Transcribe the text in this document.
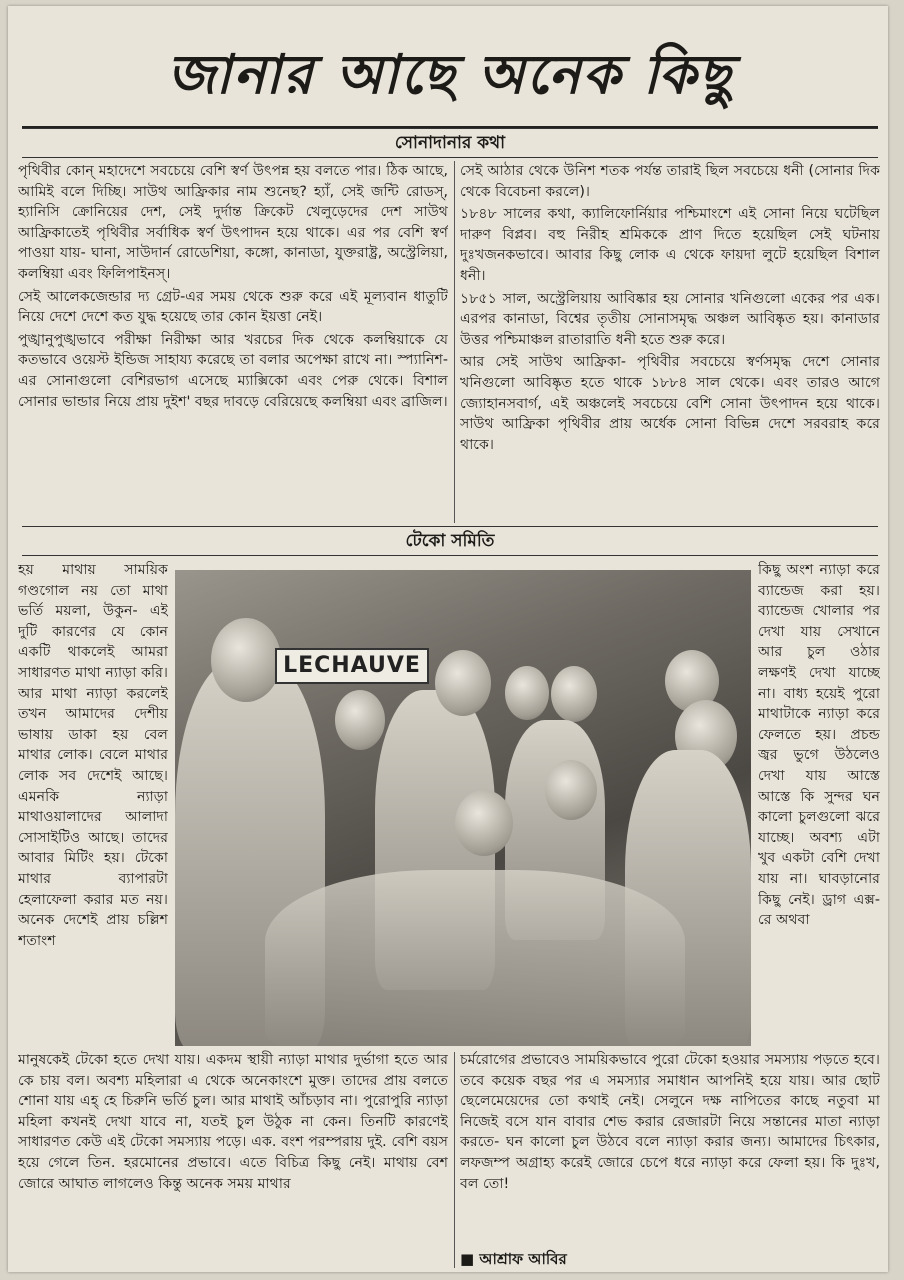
জানার আছে অনেক কিছু
সোনাদানার কথা

পৃথিবীর কোন্ মহাদেশে সবচেয়ে বেশি স্বর্ণ উৎপন্ন হয় বলতে পার। ঠিক আছে, আমিই বলে দিচ্ছি। সাউথ আফ্রিকার নাম শুনেছ? হ্যাঁ, সেই জন্টি রোডস্, হ্যানিসি ক্রোনিয়ের দেশ, সেই দুর্দান্ত ক্রিকেট খেলুড়েদের দেশ সাউথ আফ্রিকাতেই পৃথিবীর সর্বাধিক স্বর্ণ উৎপাদন হয়ে থাকে। এর পর বেশি স্বর্ণ পাওয়া যায়- ঘানা, সাউদার্ন রোডেশিয়া, কঙ্গো, কানাডা, যুক্তরাষ্ট্র, অস্ট্রেলিয়া, কলম্বিয়া এবং ফিলিপাইনস্।

সেই আলেকজেন্ডার দ্য গ্রেট-এর সময় থেকে শুরু করে এই মূল্যবান ধাতুটি নিয়ে দেশে দেশে কত যুদ্ধ হয়েছে তার কোন ইয়ত্তা নেই।

পুঙ্খানুপুঙ্খভাবে পরীক্ষা নিরীক্ষা আর খরচের দিক থেকে কলম্বিয়াকে যে কতভাবে ওয়েস্ট ইন্ডিজ সাহায্য করেছে তা বলার অপেক্ষা রাখে না। স্প্যানিশ-এর সোনাগুলো বেশিরভাগ এসেছে ম্যাক্সিকো এবং পেরু থেকে। বিশাল সোনার ভান্ডার নিয়ে প্রায় দুইশ' বছর দাবড়ে বেরিয়েছে কলম্বিয়া এবং ব্রাজিল।

সেই আঠার থেকে উনিশ শতক পর্যন্ত তারাই ছিল সবচেয়ে ধনী (সোনার দিক থেকে বিবেচনা করলে)।

১৮৪৮ সালের কথা, ক্যালিফোর্নিয়ার পশ্চিমাংশে এই সোনা নিয়ে ঘটেছিল দারুণ বিপ্লব। বহু নিরীহ শ্রমিককে প্রাণ দিতে হয়েছিল সেই ঘটনায় দুঃখজনকভাবে। আবার কিছু লোক এ থেকে ফায়দা লুটে হয়েছিল বিশাল ধনী।

১৮৫১ সাল, অস্ট্রেলিয়ায় আবিষ্কার হয় সোনার খনিগুলো একের পর এক। এরপর কানাডা, বিশ্বের তৃতীয় সোনাসমৃদ্ধ অঞ্চল আবিষ্কৃত হয়। কানাডার উত্তর পশ্চিমাঞ্চল রাতারাতি ধনী হতে শুরু করে।

আর সেই সাউথ আফ্রিকা- পৃথিবীর সবচেয়ে স্বর্ণসমৃদ্ধ দেশে সোনার খনিগুলো আবিষ্কৃত হতে থাকে ১৮৮৪ সাল থেকে। এবং তারও আগে জ্যোহানসবার্গ, এই অঞ্চলেই সবচেয়ে বেশি সোনা উৎপাদন হয়ে থাকে। সাউথ আফ্রিকা পৃথিবীর প্রায় অর্ধেক সোনা বিভিন্ন দেশে সরবরাহ করে থাকে।

টেকো সমিতি

হয় মাথায় সাময়িক গণ্ডগোল নয় তো মাথা ভর্তি ময়লা, উকুন- এই দুটি কারণের যে কোন একটি থাকলেই আমরা সাধারণত মাথা ন্যাড়া করি। আর মাথা ন্যাড়া করলেই তখন আমাদের দেশীয় ভাষায় ডাকা হয় বেল মাথার লোক। বেলে মাথার লোক সব দেশেই আছে। এমনকি ন্যাড়া মাথাওয়ালাদের আলাদা সোসাইটিও আছে। তাদের আবার মিটিং হয়। টেকো মাথার ব্যাপারটা হেলাফেলা করার মত নয়। অনেক দেশেই প্রায় চল্লিশ শতাংশ

LECHAUVE

কিছু অংশ ন্যাড়া করে ব্যান্ডেজ করা হয়। ব্যান্ডেজ খোলার পর দেখা যায় সেখানে আর চুল ওঠার লক্ষণই দেখা যাচ্ছে না। বাধ্য হয়েই পুরো মাথাটাকে ন্যাড়া করে ফেলতে হয়। প্রচন্ড জ্বর ভুগে উঠলেও দেখা যায় আস্তে আস্তে কি সুন্দর ঘন কালো চুলগুলো ঝরে যাচ্ছে। অবশ্য এটা খুব একটা বেশি দেখা যায় না। ঘাবড়ানোর কিছু নেই। ড্রাগ এক্স-রে অথবা

মানুষকেই টেকো হতে দেখা যায়। একদম স্থায়ী ন্যাড়া মাথার দুর্ভাগা হতে আর কে চায় বল। অবশ্য মহিলারা এ থেকে অনেকাংশে মুক্ত। তাদের প্রায় বলতে শোনা যায় এহ্ হে চিরুনি ভর্তি চুল। আর মাথাই আঁচড়াব না। পুরোপুরি ন্যাড়া মহিলা কখনই দেখা যাবে না, যতই চুল উঠুক না কেন। তিনটি কারণেই সাধারণত কেউ এই টেকো সমস্যায় পড়ে। এক. বংশ পরম্পরায় দুই. বেশি বয়স হয়ে গেলে তিন. হরমোনের প্রভাবে। এতে বিচিত্র কিছু নেই। মাথায় বেশ জোরে আঘাত লাগলেও কিন্তু অনেক সময় মাথার

চর্মরোগের প্রভাবেও সাময়িকভাবে পুরো টেকো হওয়ার সমস্যায় পড়তে হবে। তবে কয়েক বছর পর এ সমস্যার সমাধান আপনিই হয়ে যায়। আর ছোট ছেলেমেয়েদের তো কথাই নেই। সেলুনে দক্ষ নাপিতের কাছে নতুবা মা নিজেই বসে যান বাবার শেভ করার রেজারটা নিয়ে সন্তানের মাতা ন্যাড়া করতে- ঘন কালো চুল উঠবে বলে ন্যাড়া করার জন্য। আমাদের চিৎকার, লফজম্প অগ্রাহ্য করেই জোরে চেপে ধরে ন্যাড়া করে ফেলা হয়। কি দুঃখ, বল তো!

■ আশ্রাফ আবির
